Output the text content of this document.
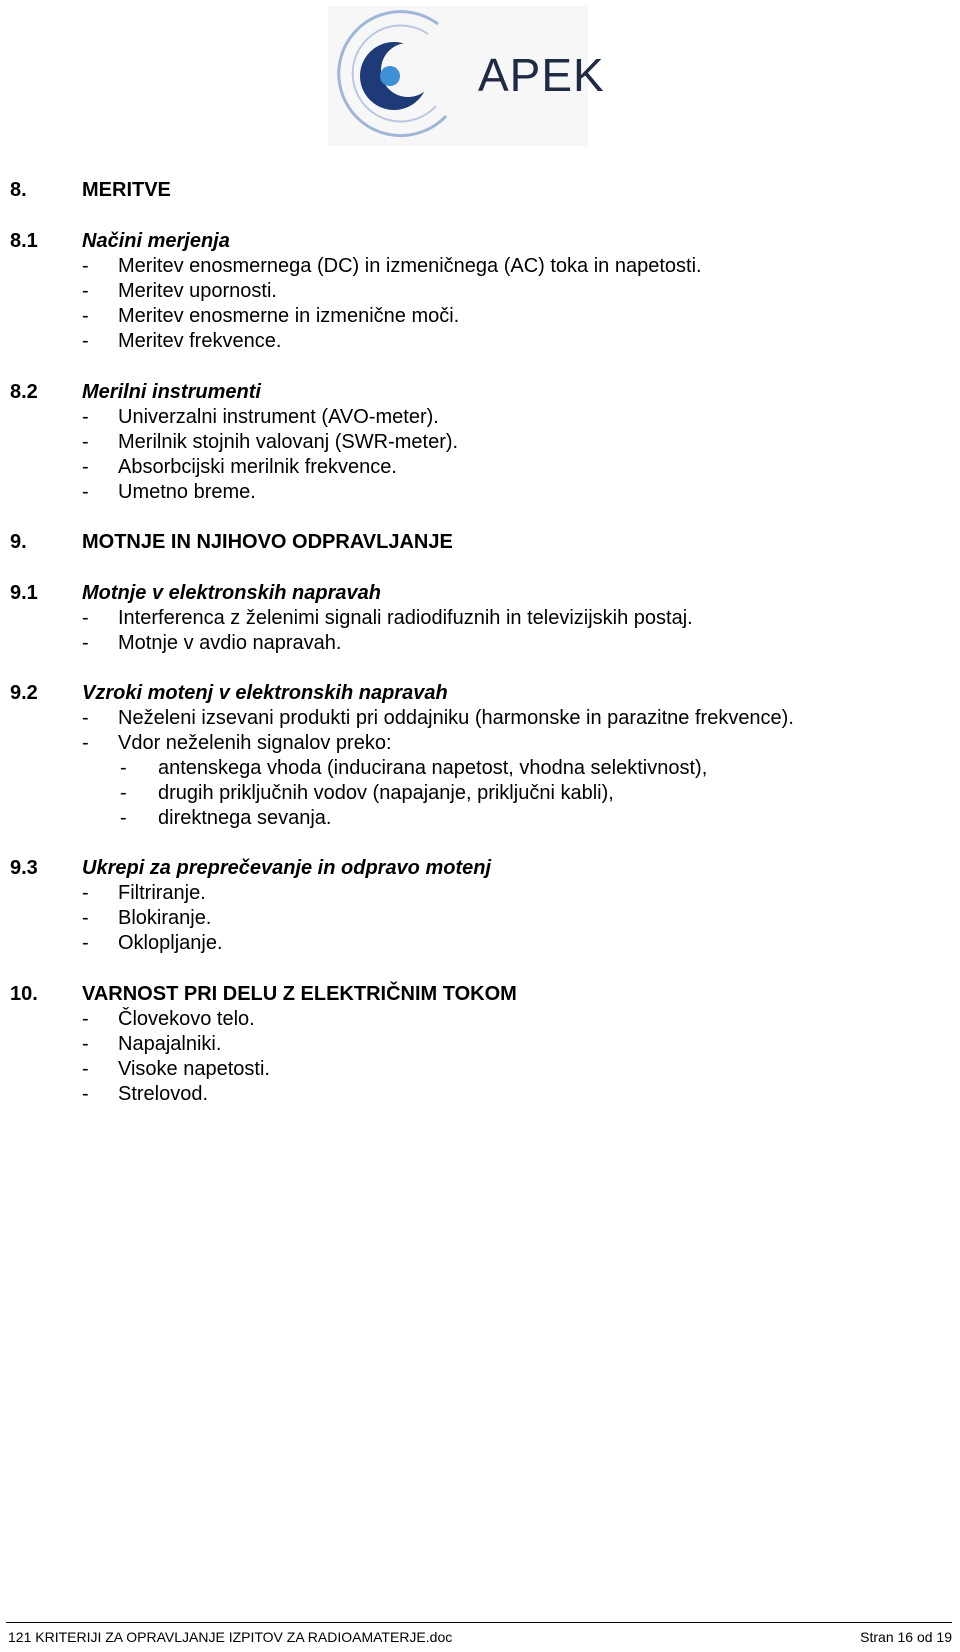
APEK
8.	MERITVE
8.1 Načini merjenja
- Meritev enosmernega (DC) in izmeničnega (AC) toka in napetosti.
- Meritev upornosti.
- Meritev enosmerne in izmenične moči.
- Meritev frekvence.
8.2 Merilni instrumenti
- Univerzalni instrument (AVO-meter).
- Merilnik stojnih valovanj (SWR-meter).
- Absorbcijski merilnik frekvence.
- Umetno breme.
9.	MOTNJE IN NJIHOVO ODPRAVLJANJE
9.1 Motnje v elektronskih napravah
- Interferenca z želenimi signali radiodifuznih in televizijskih postaj.
- Motnje v avdio napravah.
9.2 Vzroki motenj v elektronskih napravah
- Neželeni izsevani produkti pri oddajniku (harmonske in parazitne frekvence).
- Vdor neželenih signalov preko:
- antenskega vhoda (inducirana napetost, vhodna selektivnost),
- drugih priključnih vodov (napajanje, priključni kabli),
- direktnega sevanja.
9.3 Ukrepi za preprečevanje in odpravo motenj
- Filtriranje.
- Blokiranje.
- Oklopljanje.
10. VARNOST PRI DELU Z ELEKTRIČNIM TOKOM
- Človekovo telo.
- Napajalniki.
- Visoke napetosti.
- Strelovod.
121 KRITERIJI ZA OPRAVLJANJE IZPITOV ZA RADIOAMATERJE.doc	Stran 16 od 19
